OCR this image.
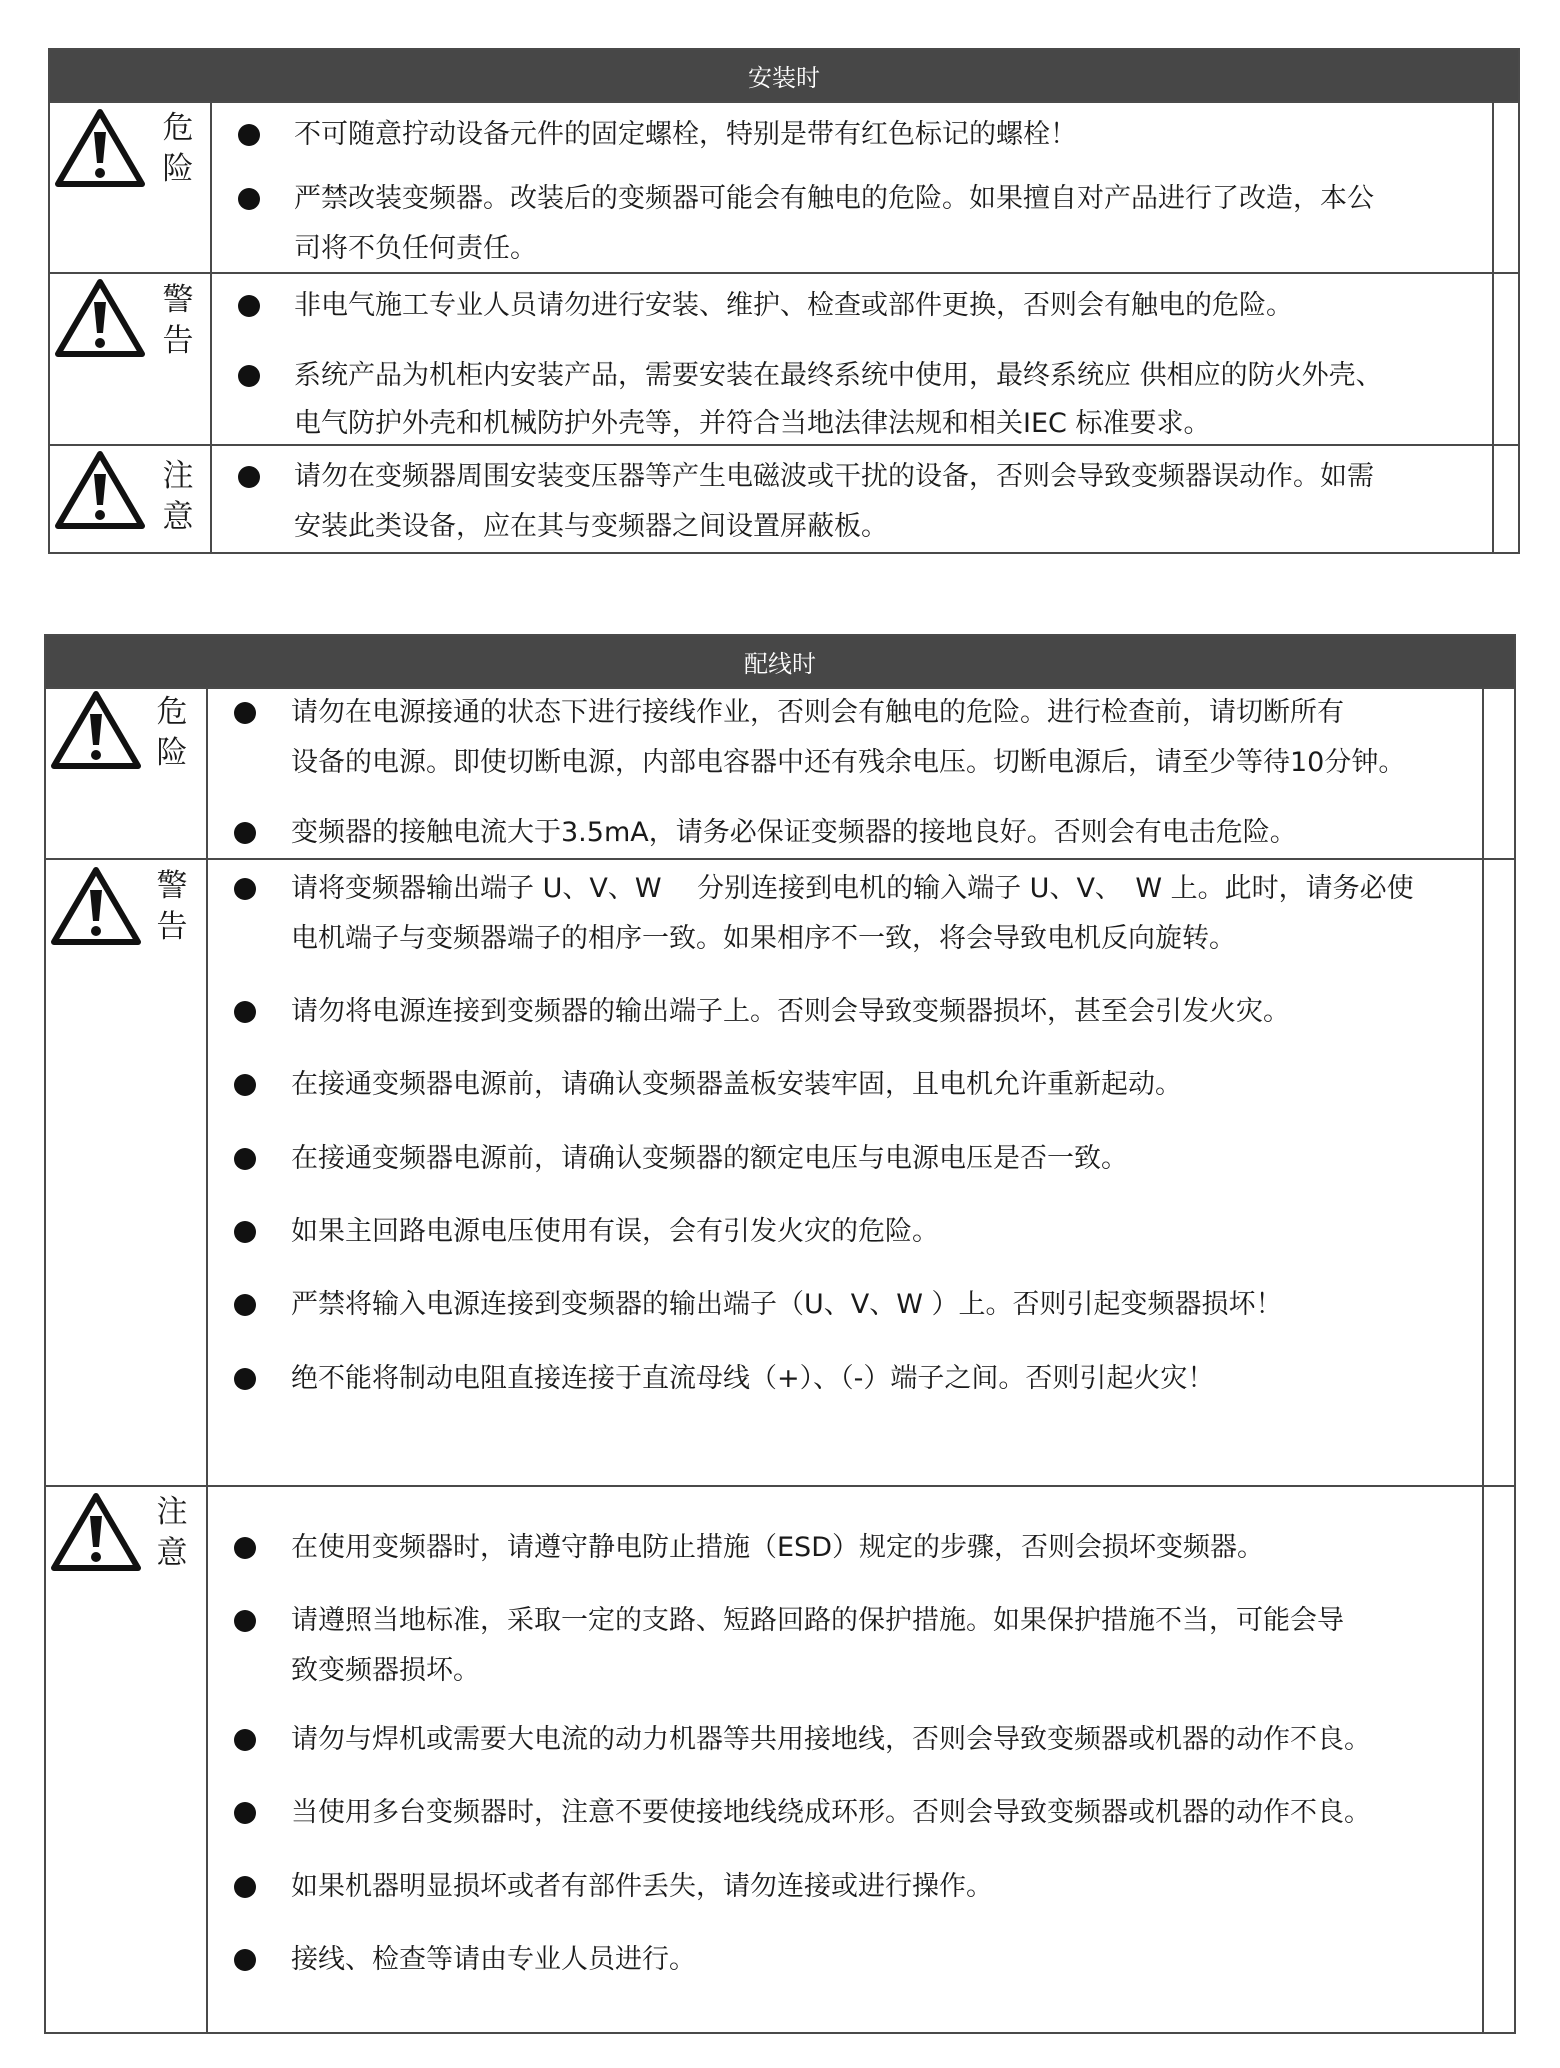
安装时
危
险
不可随意拧动设备元件的固定螺栓，特别是带有红色标记的螺栓！
严禁改装变频器。改装后的变频器可能会有触电的危险。如果擅自对产品进行了改造，本公
司将不负任何责任。
警
告
非电气施工专业人员请勿进行安装、维护、检查或部件更换，否则会有触电的危险。
系统产品为机柜内安装产品，需要安装在最终系统中使用，最终系统应 供相应的防火外壳、
电气防护外壳和机械防护外壳等，并符合当地法律法规和相关IEC 标准要求。
注
意
请勿在变频器周围安装变压器等产生电磁波或干扰的设备，否则会导致变频器误动作。如需
安装此类设备，应在其与变频器之间设置屏蔽板。
配线时
危
险
请勿在电源接通的状态下进行接线作业，否则会有触电的危险。进行检查前，请切断所有
设备的电源。即使切断电源，内部电容器中还有残余电压。切断电源后，请至少等待10分钟。
变频器的接触电流大于3.5mA，请务必保证变频器的接地良好。否则会有电击危险。
警
告
请将变频器输出端子 U、V、W　 分别连接到电机的输入端子 U、V、　W 上。此时，请务必使
电机端子与变频器端子的相序一致。如果相序不一致，将会导致电机反向旋转。
请勿将电源连接到变频器的输出端子上。否则会导致变频器损坏，甚至会引发火灾。
在接通变频器电源前，请确认变频器盖板安装牢固，且电机允许重新起动。
在接通变频器电源前，请确认变频器的额定电压与电源电压是否一致。
如果主回路电源电压使用有误，会有引发火灾的危险。
严禁将输入电源连接到变频器的输出端子（U、V、W ）上。否则引起变频器损坏！
绝不能将制动电阻直接连接于直流母线（+）、（-）端子之间。否则引起火灾！
注
意	在使用变频器时，请遵守静电防止措施（ESD）规定的步骤，否则会损坏变频器。
请遵照当地标准，采取一定的支路、短路回路的保护措施。如果保护措施不当，可能会导
致变频器损坏。
请勿与焊机或需要大电流的动力机器等共用接地线，否则会导致变频器或机器的动作不良。
当使用多台变频器时，注意不要使接地线绕成环形。否则会导致变频器或机器的动作不良。
如果机器明显损坏或者有部件丢失，请勿连接或进行操作。
接线、检查等请由专业人员进行。
